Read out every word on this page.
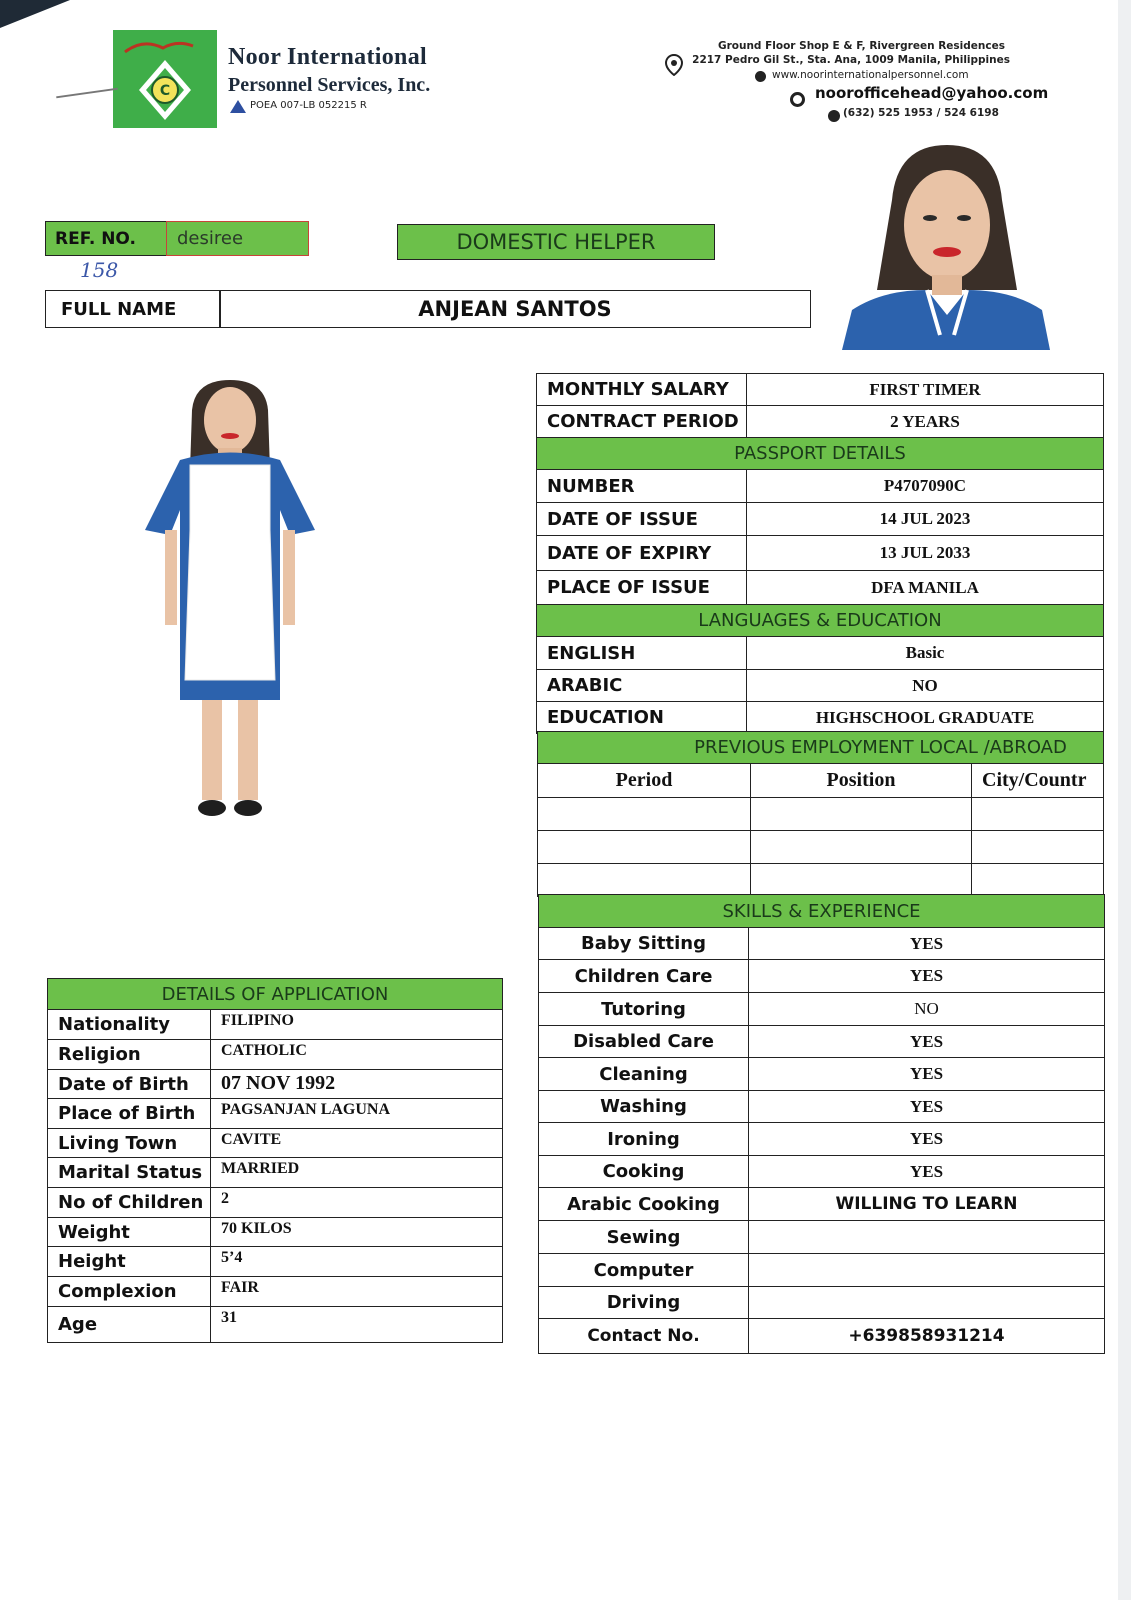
C
Noor International
Personnel Services, Inc.
POEA 007-LB 052215 R
Ground Floor Shop E & F, Rivergreen Residences
2217 Pedro Gil St., Sta. Ana, 1009 Manila, Philippines
www.noorinternationalpersonnel.com
noorofficehead@yahoo.com
(632) 525 1953 / 524 6198
REF. NO.	desiree
158
DOMESTIC HELPER
FULL NAME	ANJEAN SANTOS
MONTHLY SALARY	FIRST TIMER
CONTRACT PERIOD	2 YEARS
PASSPORT DETAILS	
NUMBER	P4707090C
DATE OF ISSUE	14 JUL 2023
DATE OF EXPIRY	13 JUL 2033
PLACE OF ISSUE	DFA MANILA
LANGUAGES & EDUCATION	
ENGLISH	Basic
ARABIC	NO
EDUCATION	HIGHSCHOOL GRADUATE
PREVIOUS EMPLOYMENT LOCAL /ABROAD		
Period	Position	City/Countr

SKILLS & EXPERIENCE	
Baby Sitting	YES
Children Care	YES
Tutoring	NO
Disabled Care	YES
Cleaning	YES
Washing	YES
Ironing	YES
Cooking	YES
Arabic Cooking	WILLING TO LEARN
Sewing	
Computer	
Driving	
Contact No.	+639858931214
DETAILS OF APPLICATION	
Nationality	FILIPINO
Religion	CATHOLIC
Date of Birth	07 NOV 1992
Place of Birth	PAGSANJAN LAGUNA
Living Town	CAVITE
Marital Status	MARRIED
No of Children	2
Weight	70 KILOS
Height	5’4
Complexion	FAIR
Age	31
